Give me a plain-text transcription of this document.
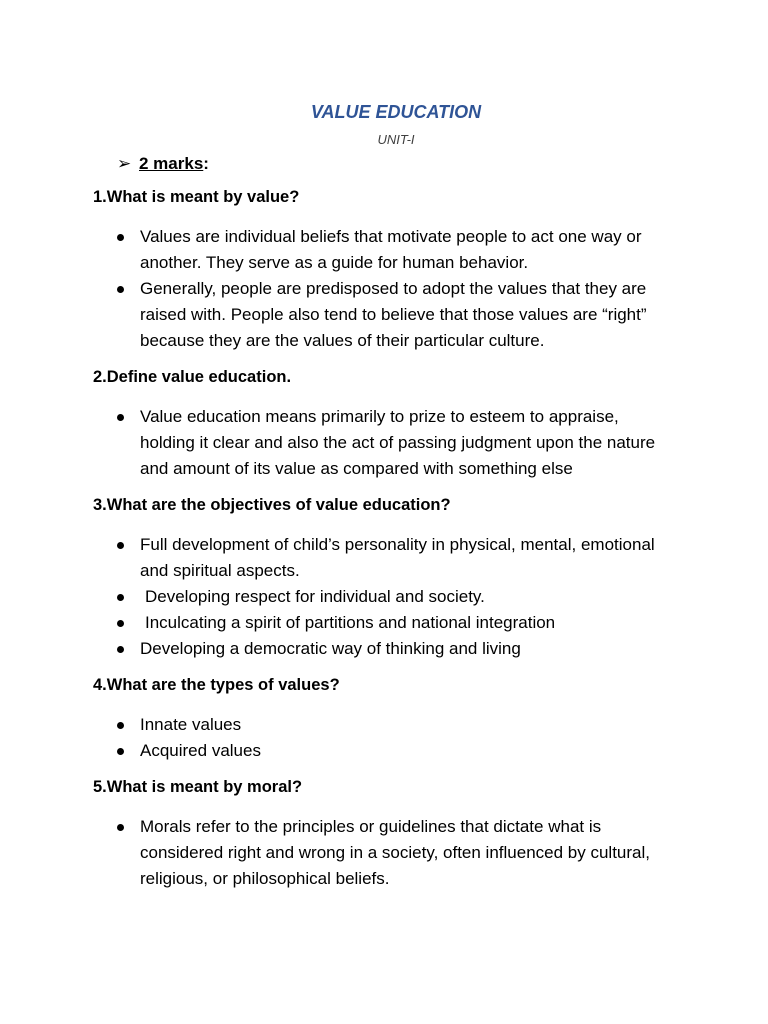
VALUE EDUCATION
UNIT-I
➢ 2 marks :
1.What is meant by value?
Values are individual beliefs that motivate people to act one way or another. They serve as a guide for human behavior.
Generally, people are predisposed to adopt the values that they are raised with. People also tend to believe that those values are “right” because they are the values of their particular culture.
2.Define value education.
Value education means primarily to prize to esteem to appraise, holding it clear and also the act of passing judgment upon the nature and amount of its value as compared with something else
3.What are the objectives of value education?
Full development of child’s personality in physical, mental, emotional and spiritual aspects.
Developing respect for individual and society.
Inculcating a spirit of partitions and national integration
Developing a democratic way of thinking and living
4.What are the types of values?
Innate values
Acquired values
5.What is meant by moral?
Morals refer to the principles or guidelines that dictate what is considered right and wrong in a society, often influenced by cultural, religious, or philosophical beliefs.
